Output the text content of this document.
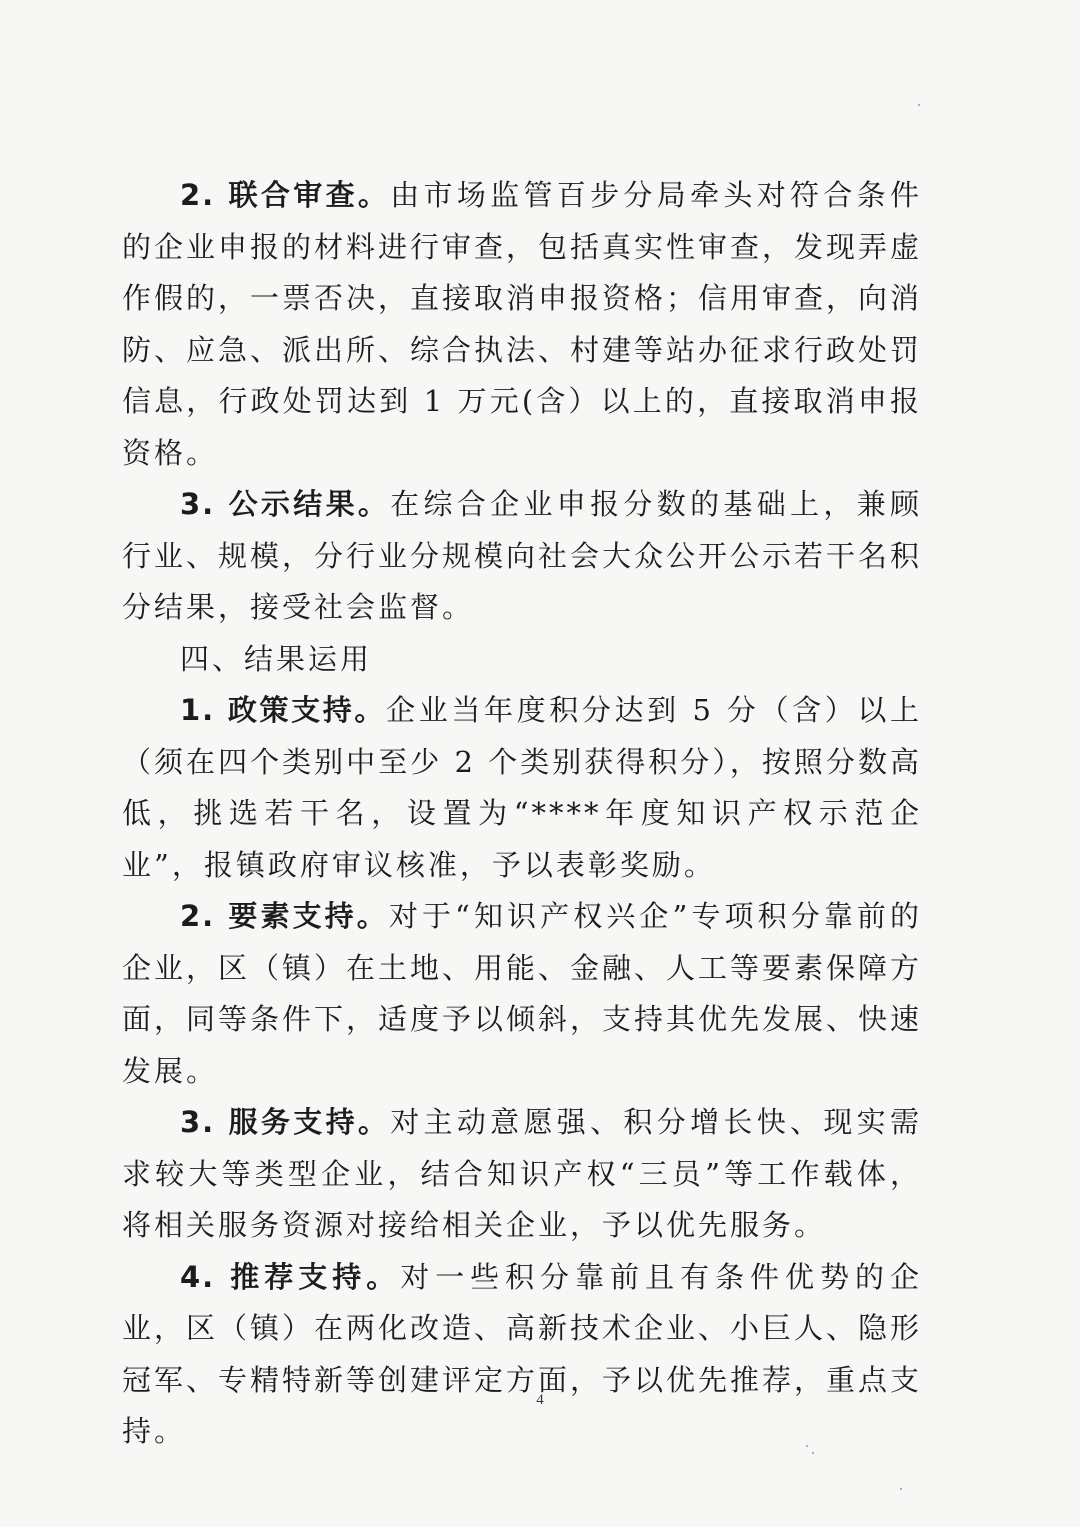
2. 联合审查。由市场监管百步分局牵头对符合条件的企业申报的材料进行审查，包括真实性审查，发现弄虚作假的，一票否决，直接取消申报资格；信用审查，向消防、应急、派出所、综合执法、村建等站办征求行政处罚信息，行政处罚达到 1 万元(含）以上的，直接取消申报资格。

3. 公示结果。在综合企业申报分数的基础上，兼顾行业、规模，分行业分规模向社会大众公开公示若干名积分结果，接受社会监督。

四、结果运用

1. 政策支持。企业当年度积分达到 5 分（含）以上（须在四个类别中至少 2 个类别获得积分），按照分数高低，挑选若干名，设置为“****年度知识产权示范企业”，报镇政府审议核准，予以表彰奖励。

2. 要素支持。对于“知识产权兴企”专项积分靠前的企业，区（镇）在土地、用能、金融、人工等要素保障方面，同等条件下，适度予以倾斜，支持其优先发展、快速发展。

3. 服务支持。对主动意愿强、积分增长快、现实需求较大等类型企业，结合知识产权“三员”等工作载体，将相关服务资源对接给相关企业，予以优先服务。

4. 推荐支持。对一些积分靠前且有条件优势的企业，区（镇）在两化改造、高新技术企业、小巨人、隐形冠军、专精特新等创建评定方面，予以优先推荐，重点支持。

4
